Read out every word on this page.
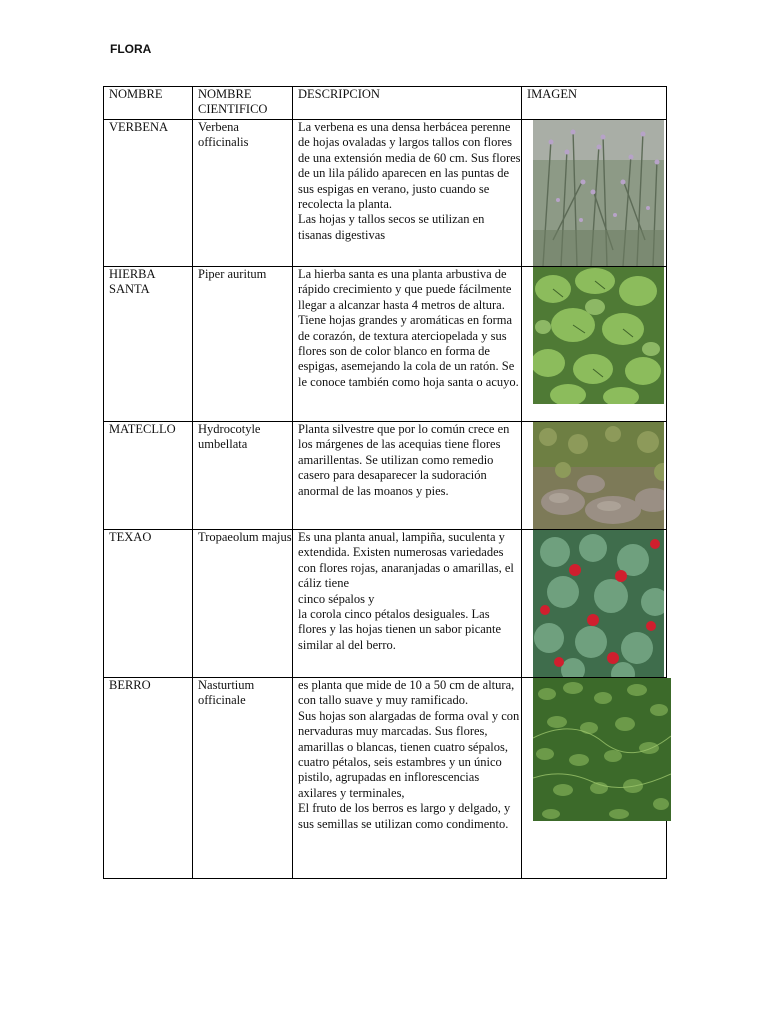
FLORA
NOMBRE	NOMBRE CIENTIFICO	DESCRIPCION	IMAGEN
VERBENA	Verbena officinalis	La verbena es una densa herbácea perenne de hojas ovaladas y largos tallos con flores de una extensión media de 60 cm. Sus flores de un lila pálido aparecen en las puntas de sus espigas en verano, justo cuando se recolecta la planta.
Las hojas y tallos secos se utilizan en tisanas digestivas	

HIERBA SANTA	Piper auritum	La hierba santa es una planta arbustiva de rápido crecimiento y que puede fácilmente llegar a alcanzar hasta 4 metros de altura. Tiene hojas grandes y aromáticas en forma de corazón, de textura aterciopelada y sus flores son de color blanco en forma de espigas, asemejando la cola de un ratón. Se le conoce también como hoja santa o acuyo.	

MATECLLO	Hydrocotyle umbellata	Planta silvestre que por lo común crece en los márgenes de las acequias tiene flores amarillentas. Se utilizan como remedio casero para desaparecer la sudoración anormal de las moanos y pies.	

TEXAO	Tropaeolum majus	Es una planta anual, lampiña, suculenta y extendida. Existen numerosas variedades
con flores rojas, anaranjadas o amarillas, el cáliz tiene
cinco sépalos y
la corola cinco pétalos desiguales. Las flores y las hojas tienen un sabor picante similar al del berro.	

BERRO	Nasturtium officinale	es planta que mide de 10 a 50 cm de altura, con tallo suave y muy ramificado.
Sus hojas son alargadas de forma oval y con nervaduras muy marcadas. Sus flores, amarillas o blancas, tienen cuatro sépalos, cuatro pétalos, seis estambres y un único pistilo, agrupadas en inflorescencias axilares y terminales,
El fruto de los berros es largo y delgado, y sus semillas se utilizan como condimento.	
